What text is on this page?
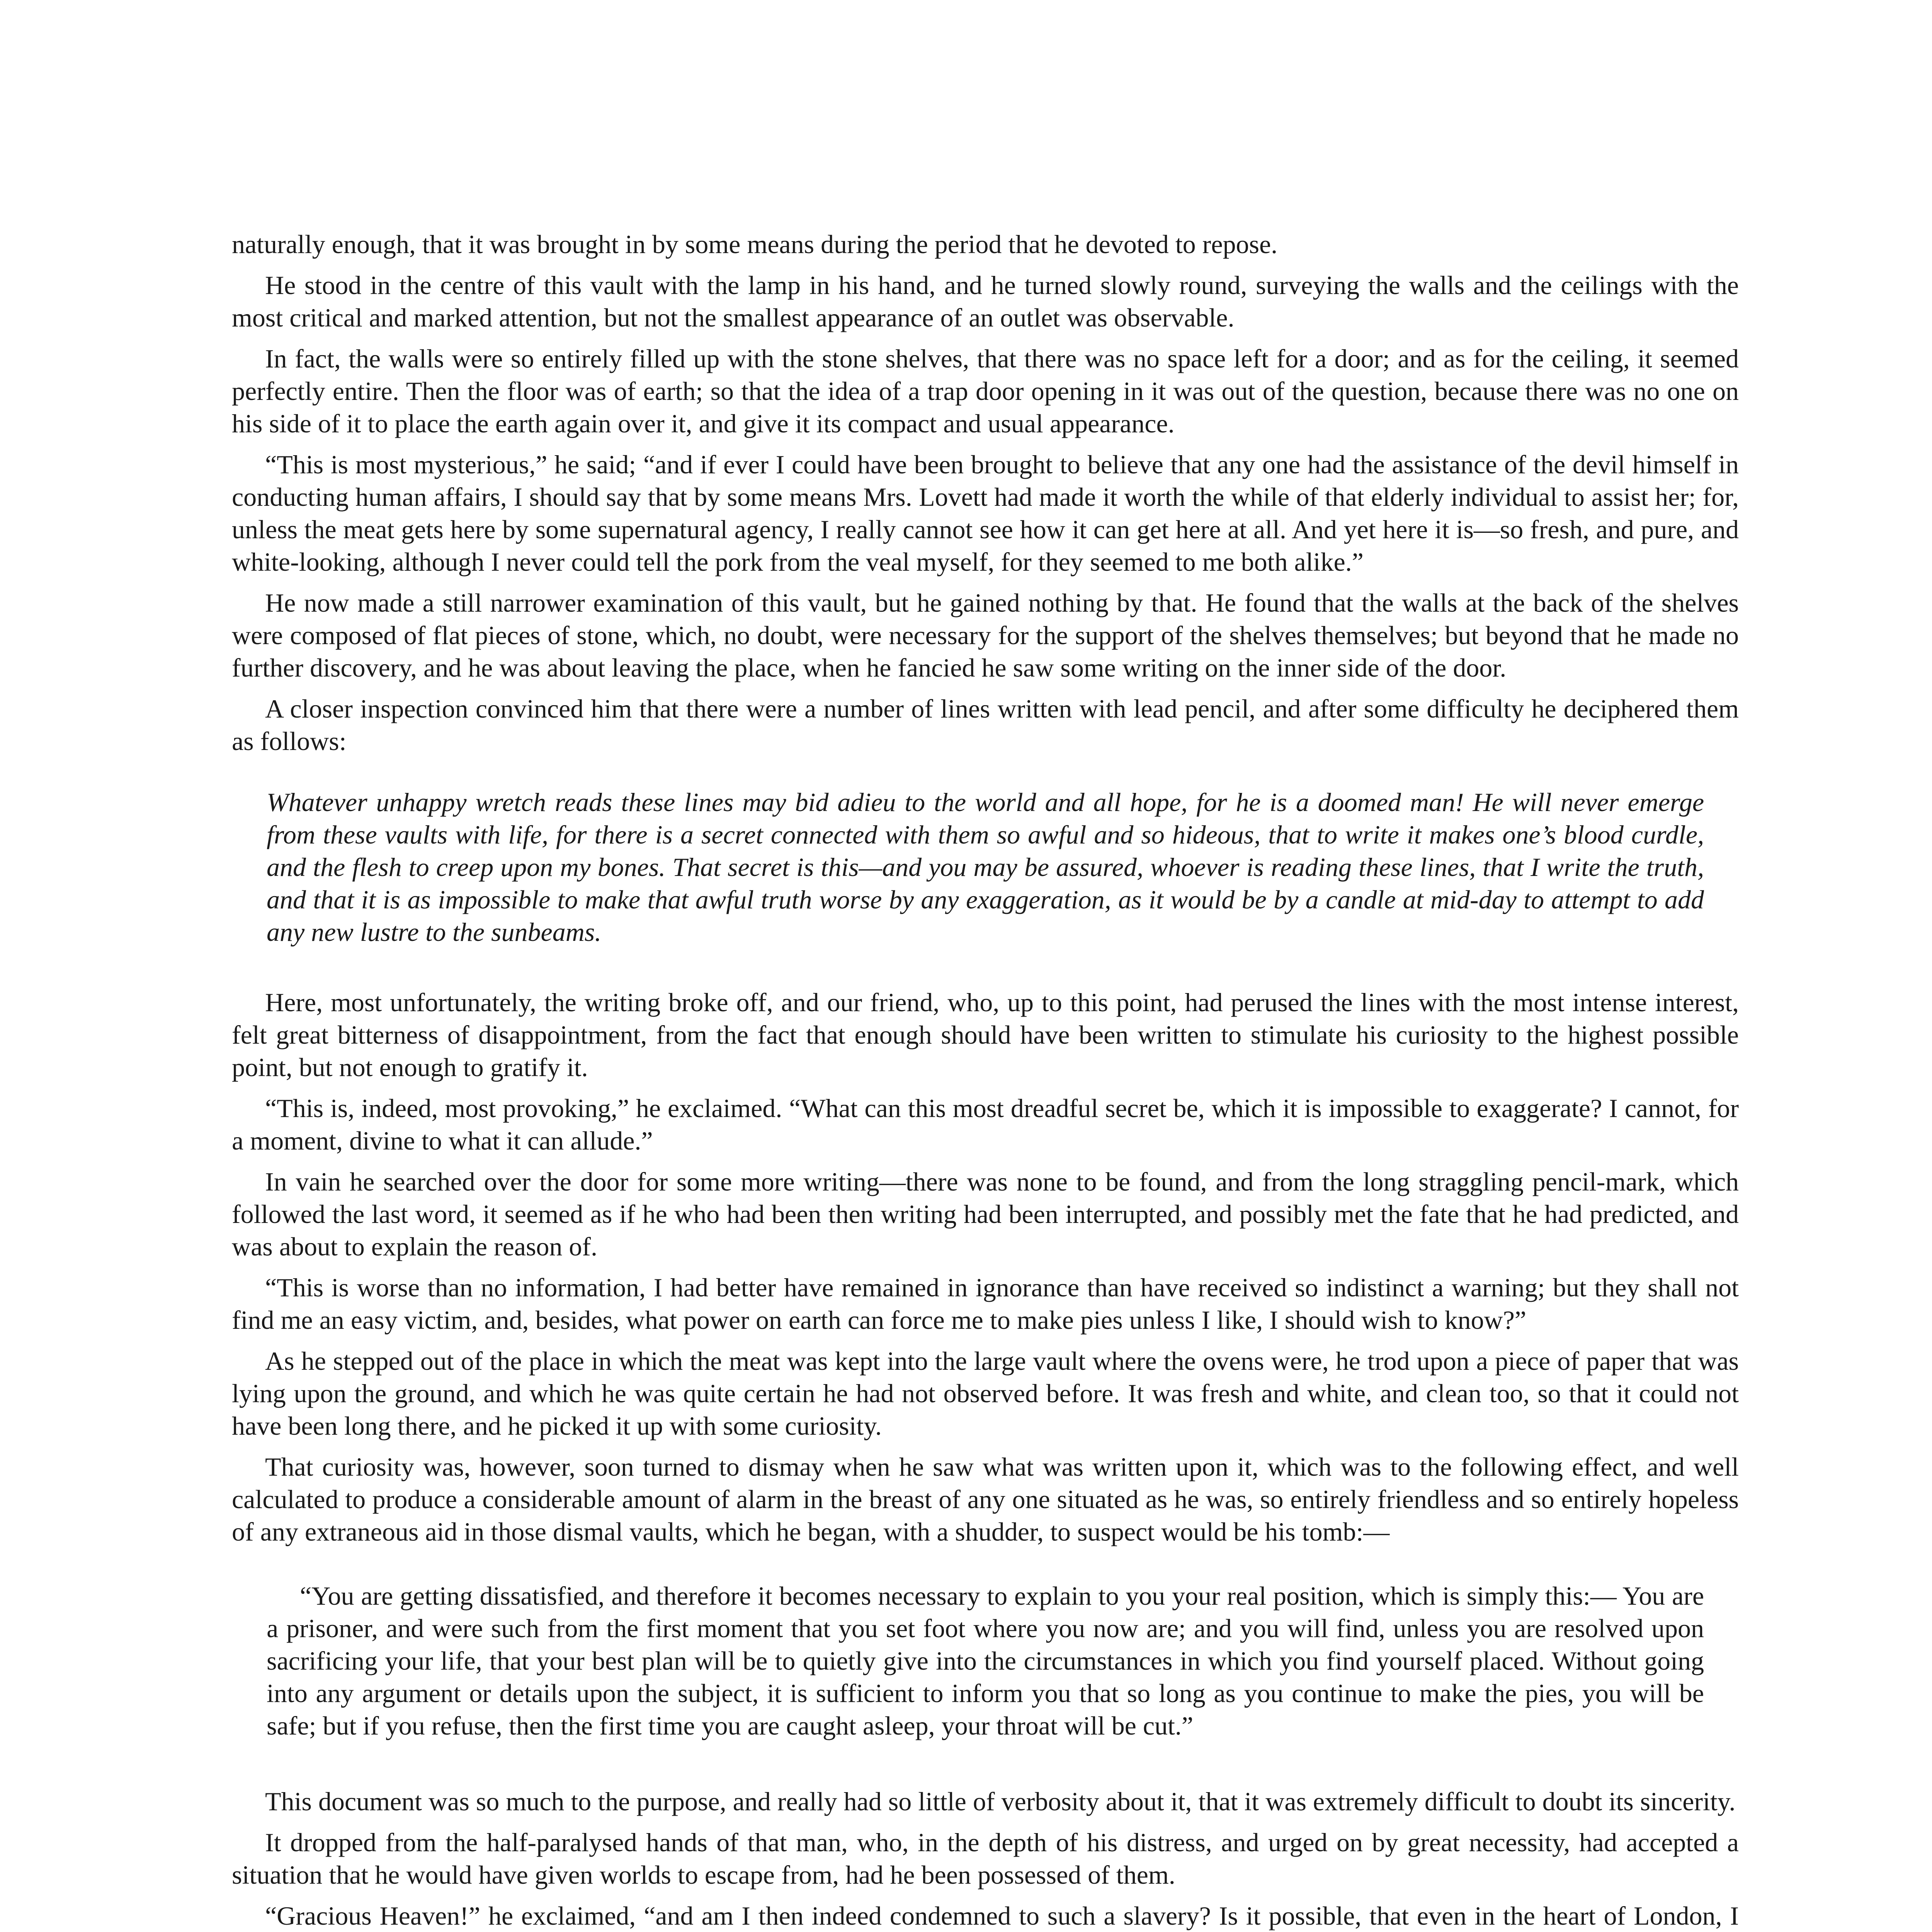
naturally enough, that it was brought in by some means during the period that he devoted to repose.

He stood in the centre of this vault with the lamp in his hand, and he turned slowly round, surveying the walls and the ceilings with the most critical and marked attention, but not the smallest appearance of an outlet was observable.

In fact, the walls were so entirely filled up with the stone shelves, that there was no space left for a door; and as for the ceiling, it seemed perfectly entire. Then the floor was of earth; so that the idea of a trap door opening in it was out of the question, because there was no one on his side of it to place the earth again over it, and give it its compact and usual appearance.

“This is most mysterious,” he said; “and if ever I could have been brought to believe that any one had the assistance of the devil himself in conducting human affairs, I should say that by some means Mrs. Lovett had made it worth the while of that elderly individual to assist her; for, unless the meat gets here by some supernatural agency, I really cannot see how it can get here at all. And yet here it is—so fresh, and pure, and white-looking, although I never could tell the pork from the veal myself, for they seemed to me both alike.”

He now made a still narrower examination of this vault, but he gained nothing by that. He found that the walls at the back of the shelves were composed of flat pieces of stone, which, no doubt, were necessary for the support of the shelves themselves; but beyond that he made no further discovery, and he was about leaving the place, when he fancied he saw some writing on the inner side of the door.

A closer inspection convinced him that there were a number of lines written with lead pencil, and after some difficulty he deciphered them as follows:

Whatever unhappy wretch reads these lines may bid adieu to the world and all hope, for he is a doomed man! He will never emerge from these vaults with life, for there is a secret connected with them so awful and so hideous, that to write it makes one’s blood curdle, and the flesh to creep upon my bones. That secret is this—and you may be assured, whoever is reading these lines, that I write the truth, and that it is as impossible to make that awful truth worse by any exaggeration, as it would be by a candle at mid-day to attempt to add any new lustre to the sunbeams.

Here, most unfortunately, the writing broke off, and our friend, who, up to this point, had perused the lines with the most intense interest, felt great bitterness of disappointment, from the fact that enough should have been written to stimulate his curiosity to the highest possible point, but not enough to gratify it.

“This is, indeed, most provoking,” he exclaimed. “What can this most dreadful secret be, which it is impossible to exaggerate? I cannot, for a moment, divine to what it can allude.”

In vain he searched over the door for some more writing—there was none to be found, and from the long straggling pencil-mark, which followed the last word, it seemed as if he who had been then writing had been interrupted, and possibly met the fate that he had predicted, and was about to explain the reason of.

“This is worse than no information, I had better have remained in ignorance than have received so indistinct a warning; but they shall not find me an easy victim, and, besides, what power on earth can force me to make pies unless I like, I should wish to know?”

As he stepped out of the place in which the meat was kept into the large vault where the ovens were, he trod upon a piece of paper that was lying upon the ground, and which he was quite certain he had not observed before. It was fresh and white, and clean too, so that it could not have been long there, and he picked it up with some curiosity.

That curiosity was, however, soon turned to dismay when he saw what was written upon it, which was to the following effect, and well calculated to produce a considerable amount of alarm in the breast of any one situated as he was, so entirely friendless and so entirely hopeless of any extraneous aid in those dismal vaults, which he began, with a shudder, to suspect would be his tomb:—

“You are getting dissatisfied, and therefore it becomes necessary to explain to you your real position, which is simply this:— You are a prisoner, and were such from the first moment that you set foot where you now are; and you will find, unless you are resolved upon sacrificing your life, that your best plan will be to quietly give into the circumstances in which you find yourself placed. Without going into any argument or details upon the subject, it is sufficient to inform you that so long as you continue to make the pies, you will be safe; but if you refuse, then the first time you are caught asleep, your throat will be cut.”

This document was so much to the purpose, and really had so little of verbosity about it, that it was extremely difficult to doubt its sincerity.

It dropped from the half-paralysed hands of that man, who, in the depth of his distress, and urged on by great necessity, had accepted a situation that he would have given worlds to escape from, had he been possessed of them.

“Gracious Heaven!” he exclaimed, “and am I then indeed condemned to such a slavery? Is it possible, that even in the heart of London, I
